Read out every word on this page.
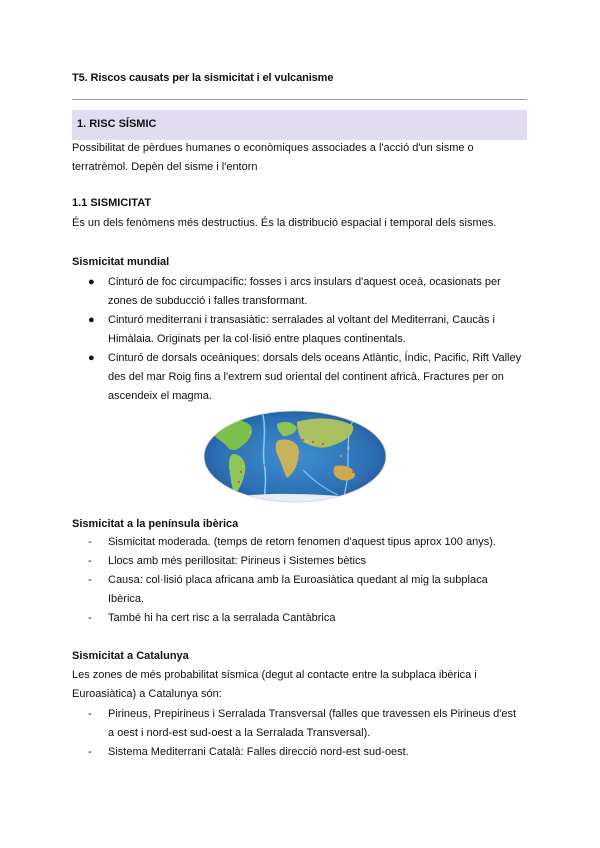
T5. Riscos causats per la sismicitat i el vulcanisme
1. RISC SÍSMIC
Possibilitat de pèrdues humanes o econòmiques associades a l'acció d'un sisme o
terratrèmol. Depèn del sisme i l'entorn
1.1 SISMICITAT
És un dels fenòmens més destructius. És la distribució espacial i temporal dels sismes.
Sismicitat mundial
●	Cinturó de foc circumpacífic: fosses i arcs insulars d'aquest oceà, ocasionats per
zones de subducció i falles transformant.
●	Cinturó mediterrani i transasiàtic: serralades al voltant del Mediterrani, Caucàs i
Himàlaia. Originats per la col·lisió entre plaques continentals.
●	Cinturó de dorsals oceàniques: dorsals dels oceans Atlàntic, Índic, Pacific, Rift Valley
des del mar Roig fins a l'extrem sud oriental del continent africà. Fractures per on
ascendeix el magma.
Sismicitat a la península ibèrica
-	Sismicitat moderada. (temps de retorn fenomen d'aquest tipus aprox 100 anys).
-	Llocs amb més perillositat: Pirineus i Sistemes bètics
-	Causa: col·lisió placa africana amb la Euroasiàtica quedant al mig la subplaca
Ibèrica.
-	També hi ha cert risc a la serralada Cantàbrica
Sismicitat a Catalunya
Les zones de més probabilitat sísmica (degut al contacte entre la subplaca ibèrica i
Euroasiàtica) a Catalunya són:
-	Pirineus, Prepirineus i Serralada Transversal (falles que travessen els Pirineus d'est
a oest i nord-est sud-oest a la Serralada Transversal).
-	Sistema Mediterrani Català: Falles direcció nord-est sud-oest.
